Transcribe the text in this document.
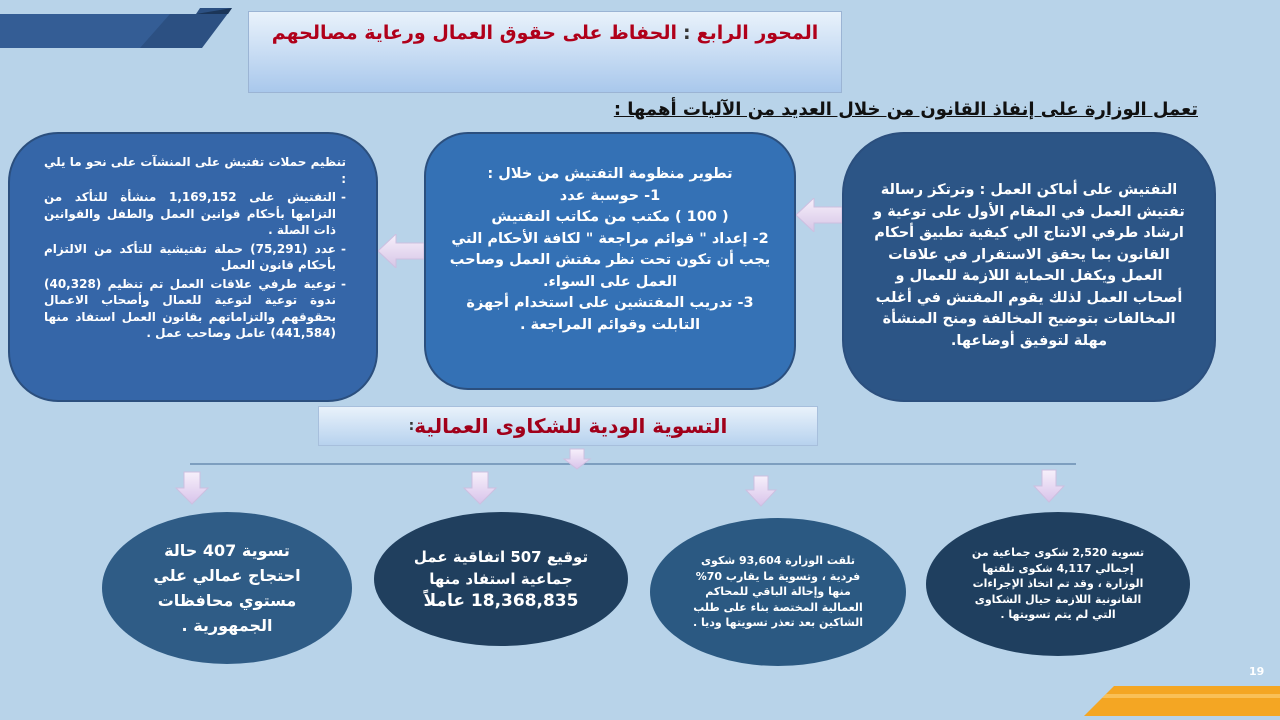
المحور الرابع
:
الحفاظ على حقوق العمال ورعاية مصالحهم
تعمل الوزارة على إنفاذ القانون من خلال العديد من الآليات أهمها :
التفتيش على أماكن العمل : وترتكز رسالة تفتيش العمل في المقام الأول على توعية و ارشاد طرفي الانتاج الي كيفية تطبيق أحكام القانون بما يحقق الاستقرار في علاقات العمل ويكفل الحماية اللازمة للعمال و أصحاب العمل لذلك يقوم المفتش في أغلب المخالفات بتوضيح المخالفة ومنح المنشأة مهلة لتوفيق أوضاعها.
تطوير منظومة التفتيش من خلال :
1- حوسبة عدد
( 100 ) مكتب من مكاتب التفتيش
2- إعداد " قوائم مراجعة " لكافة الأحكام التي يجب أن تكون تحت نظر مفتش العمل وصاحب العمل على السواء.
3- تدريب المفتشين على استخدام أجهزة التابلت وقوائم المراجعة .
تنظيم حملات تفتيش على المنشآت على نحو ما يلي :
- التفتيش على 1,169,152 منشأة للتأكد من التزامها بأحكام قوانين العمل والطفل والقوانين ذات الصلة .
- عدد (75,291) حملة تفتيشية للتأكد من الالتزام بأحكام قانون العمل
- توعية طرفي علاقات العمل تم تنظيم (40,328) ندوة توعية لتوعية للعمال وأصحاب الاعمال بحقوقهم والتزاماتهم بقانون العمل استفاد منها (441,584) عامل وصاحب عمل .
التسوية الودية للشكاوى العمالية
:
تسوية 407 حالة
احتجاج عمالي علي
مستوي محافظات
الجمهورية .
توقيع 507 اتفاقية عمل
جماعية استفاد منها
18,368,835 عاملاً
تلقت الوزارة 93,604 شكوى فردية ، وتسوية ما يقارب 70% منها وإحالة الباقي للمحاكم العمالية المختصة بناء على طلب الشاكين بعد تعذر تسويتها وديا .
تسوية 2,520 شكوى جماعية من إجمالي 4,117 شكوى تلقتها الوزارة ، وقد تم اتخاذ الإجراءات القانونية اللازمة حيال الشكاوى التي لم يتم تسويتها .
19
